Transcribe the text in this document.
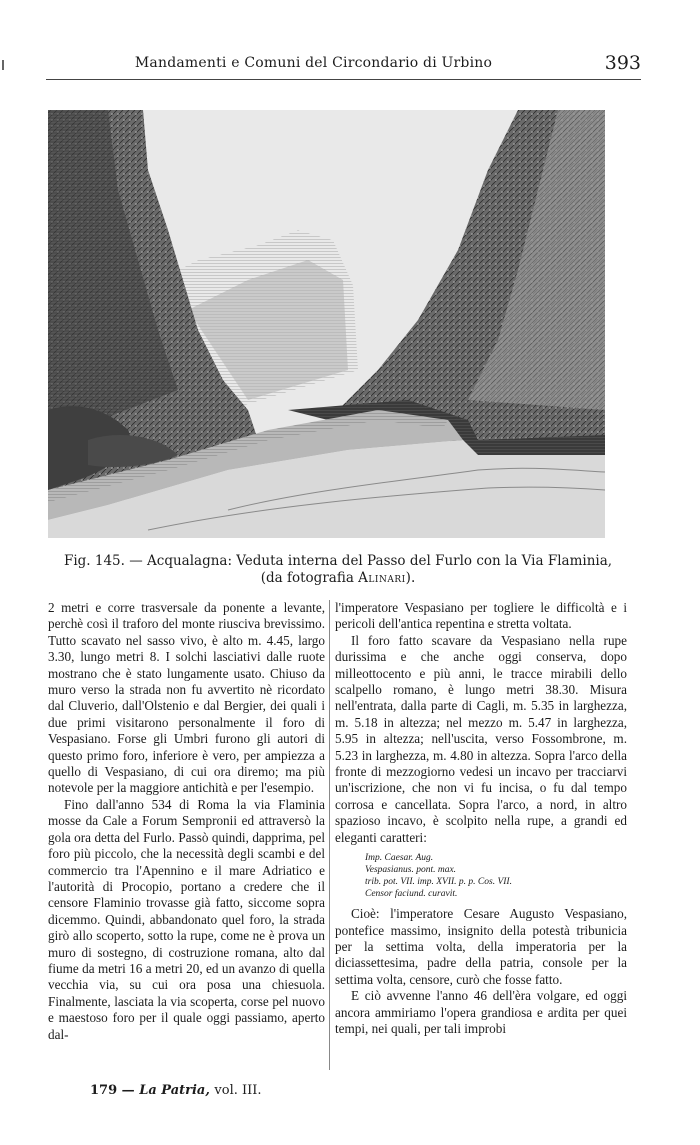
Mandamenti e Comuni del Circondario di Urbino	393
Fig. 145. — Acqualagna: Veduta interna del Passo del Furlo con la Via Flaminia,
(da fotografia Alinari).

2 metri e corre trasversale da ponente a levante, perchè così il traforo del monte riusciva brevissimo. Tutto scavato nel sasso vivo, è alto m. 4.45, largo 3.30, lungo metri 8. I solchi lasciativi dalle ruote mostrano che è stato lungamente usato. Chiuso da muro verso la strada non fu avvertito nè ricordato dal Cluverio, dall'Olstenio e dal Bergier, dei quali i due primi visitarono personalmente il foro di Vespasiano. Forse gli Umbri furono gli autori di questo primo foro, inferiore è vero, per ampiezza a quello di Vespasiano, di cui ora diremo; ma più notevole per la maggiore antichità e per l'esempio.

Fino dall'anno 534 di Roma la via Flaminia mosse da Cale a Forum Sempronii ed attraversò la gola ora detta del Furlo. Passò quindi, dapprima, pel foro più piccolo, che la necessità degli scambi e del commercio tra l'Apennino e il mare Adriatico e l'autorità di Procopio, portano a credere che il censore Flaminio trovasse già fatto, siccome sopra dicemmo. Quindi, abbandonato quel foro, la strada girò allo scoperto, sotto la rupe, come ne è prova un muro di sostegno, di costruzione romana, alto dal fiume da metri 16 a metri 20, ed un avanzo di quella vecchia via, su cui ora posa una chiesuola. Finalmente, lasciata la via scoperta, corse pel nuovo e maestoso foro per il quale oggi passiamo, aperto dal-

l'imperatore Vespasiano per togliere le difficoltà e i pericoli dell'antica repentina e stretta voltata.

Il foro fatto scavare da Vespasiano nella rupe durissima e che anche oggi conserva, dopo milleottocento e più anni, le tracce mirabili dello scalpello romano, è lungo metri 38.30. Misura nell'entrata, dalla parte di Cagli, m. 5.35 in larghezza, m. 5.18 in altezza; nel mezzo m. 5.47 in larghezza, 5.95 in altezza; nell'uscita, verso Fossombrone, m. 5.23 in larghezza, m. 4.80 in altezza. Sopra l'arco della fronte di mezzogiorno vedesi un incavo per tracciarvi un'iscrizione, che non vi fu incisa, o fu dal tempo corrosa e cancellata. Sopra l'arco, a nord, in altro spazioso incavo, è scolpito nella rupe, a grandi ed eleganti caratteri:

Imp. Caesar. Aug.
Vespasianus. pont. max.
trib. pot. VII. imp. XVII. p. p. Cos. VII.
Censor faciund. curavit.

Cioè: l'imperatore Cesare Augusto Vespasiano, pontefice massimo, insignito della potestà tribunicia per la settima volta, della imperatoria per la diciassettesima, padre della patria, console per la settima volta, censore, curò che fosse fatto.

E ciò avvenne l'anno 46 dell'èra volgare, ed oggi ancora ammiriamo l'opera grandiosa e ardita per quei tempi, nei quali, per tali improbi

179 — La Patria, vol. III.
